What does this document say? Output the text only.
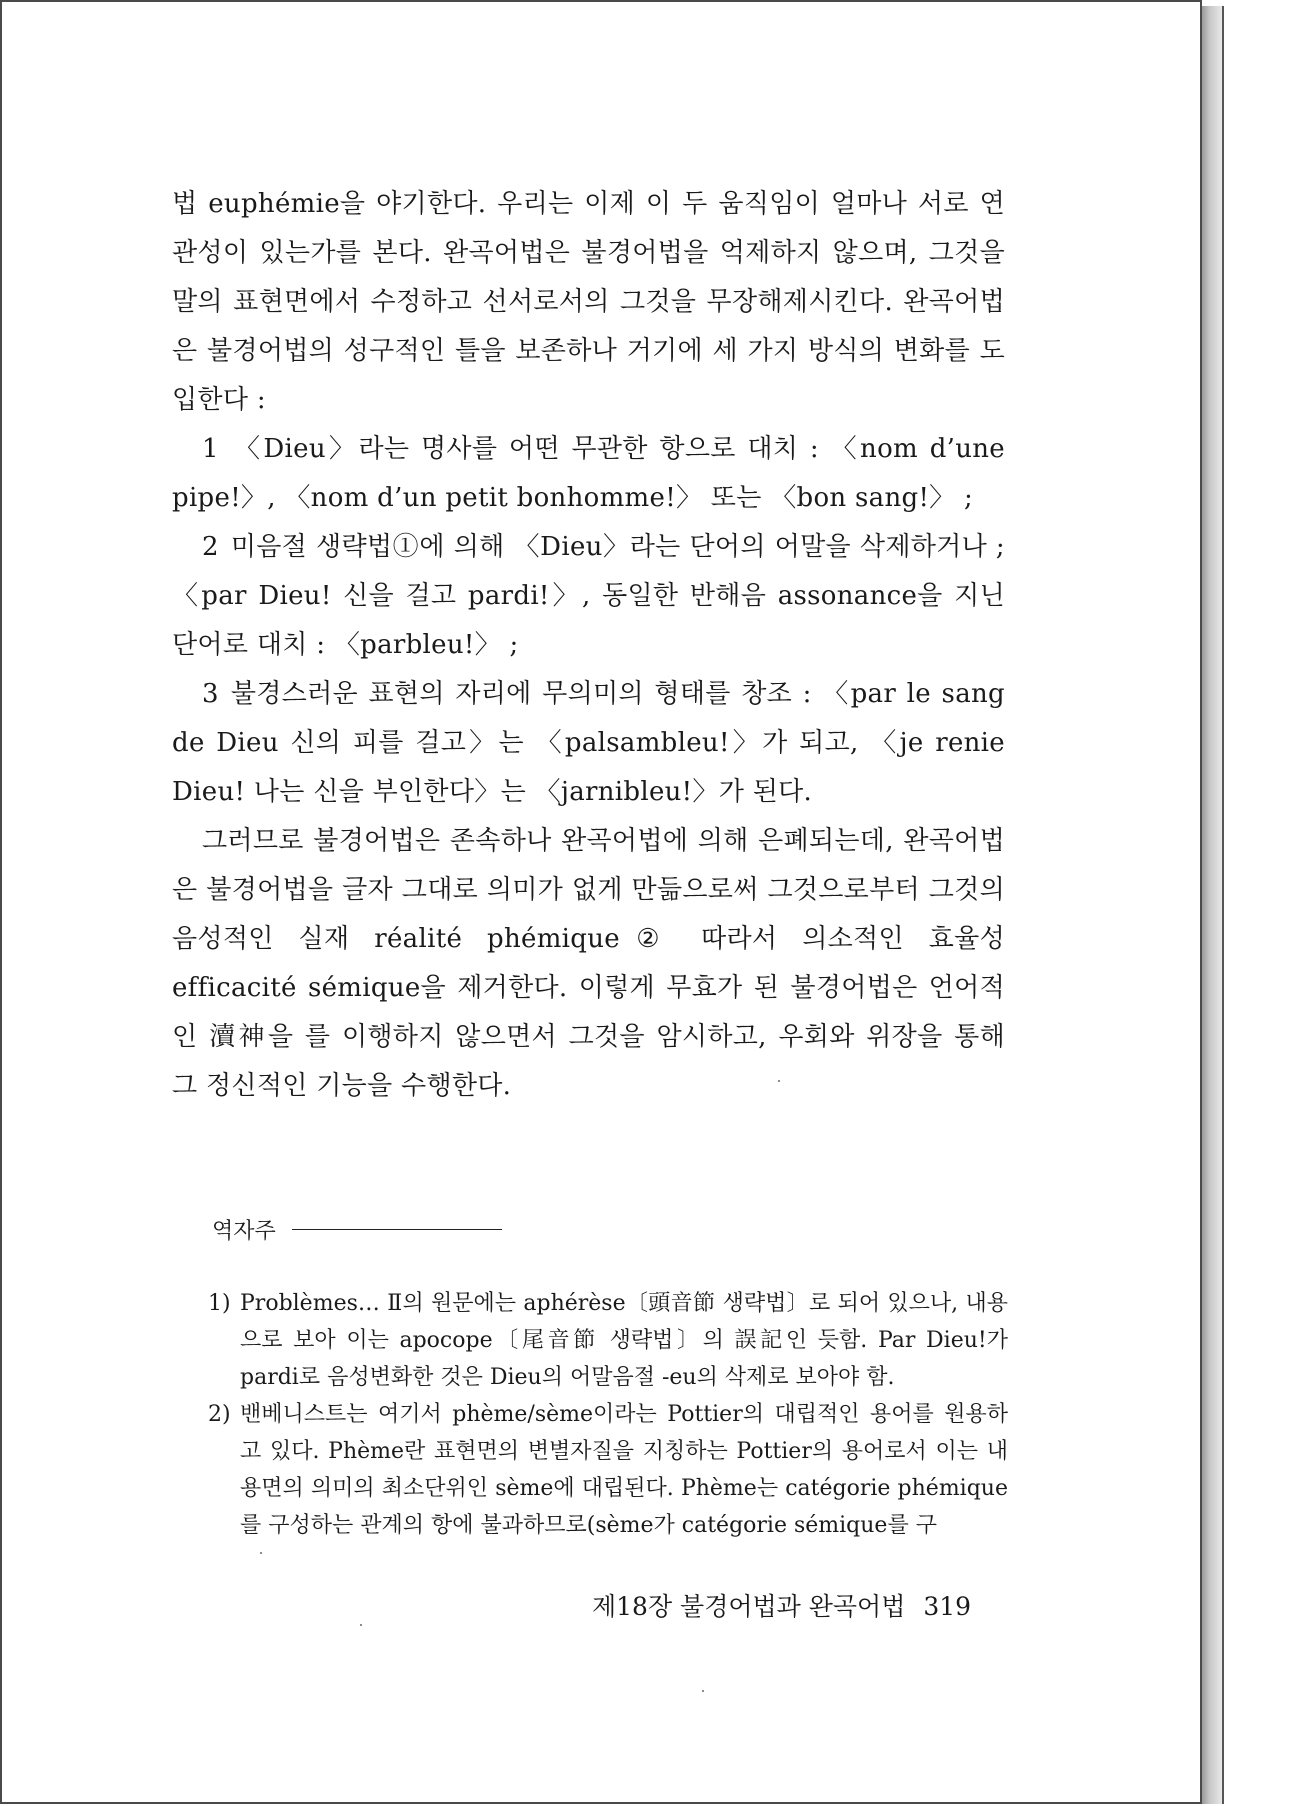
법 euphémie을 야기한다. 우리는 이제 이 두 움직임이 얼마나 서로 연관성이 있는가를 본다. 완곡어법은 불경어법을 억제하지 않으며, 그것을 말의 표현면에서 수정하고 선서로서의 그것을 무장해제시킨다. 완곡어법은 불경어법의 성구적인 틀을 보존하나 거기에 세 가지 방식의 변화를 도입한다 :

1 〈Dieu〉라는 명사를 어떤 무관한 항으로 대치 : 〈nom d’une pipe!〉, 〈nom d’un petit bonhomme!〉 또는 〈bon sang!〉 ;

2 미음절 생략법①에 의해 〈Dieu〉라는 단어의 어말을 삭제하거나 ; 〈par Dieu! 신을 걸고 pardi!〉, 동일한 반해음 assonance을 지닌 단어로 대치 : 〈parbleu!〉 ;

3 불경스러운 표현의 자리에 무의미의 형태를 창조 : 〈par le sang de Dieu 신의 피를 걸고〉는 〈palsambleu!〉가 되고, 〈je renie Dieu! 나는 신을 부인한다〉는 〈jarnibleu!〉가 된다.

그러므로 불경어법은 존속하나 완곡어법에 의해 은폐되는데, 완곡어법은 불경어법을 글자 그대로 의미가 없게 만듦으로써 그것으로부터 그것의 음성적인 실재 réalité phémique② 따라서 의소적인 효율성 efficacité sémique을 제거한다. 이렇게 무효가 된 불경어법은 언어적인 瀆神을 를 이행하지 않으면서 그것을 암시하고, 우회와 위장을 통해 그 정신적인 기능을 수행한다.

역자주

1) Problèmes… Ⅱ의 원문에는 aphérèse〔頭音節 생략법〕로 되어 있으나, 내용으로 보아 이는 apocope〔尾音節 생략법〕의 誤記인 듯함. Par Dieu!가 pardi로 음성변화한 것은 Dieu의 어말음절 -eu의 삭제로 보아야 함.

2) 밴베니스트는 여기서 phème/sème이라는 Pottier의 대립적인 용어를 원용하고 있다. Phème란 표현면의 변별자질을 지칭하는 Pottier의 용어로서 이는 내용면의 의미의 최소단위인 sème에 대립된다. Phème는 catégorie phémique를 구성하는 관계의 항에 불과하므로(sème가 catégorie sémique를 구

제18장 불경어법과 완곡어법 319
